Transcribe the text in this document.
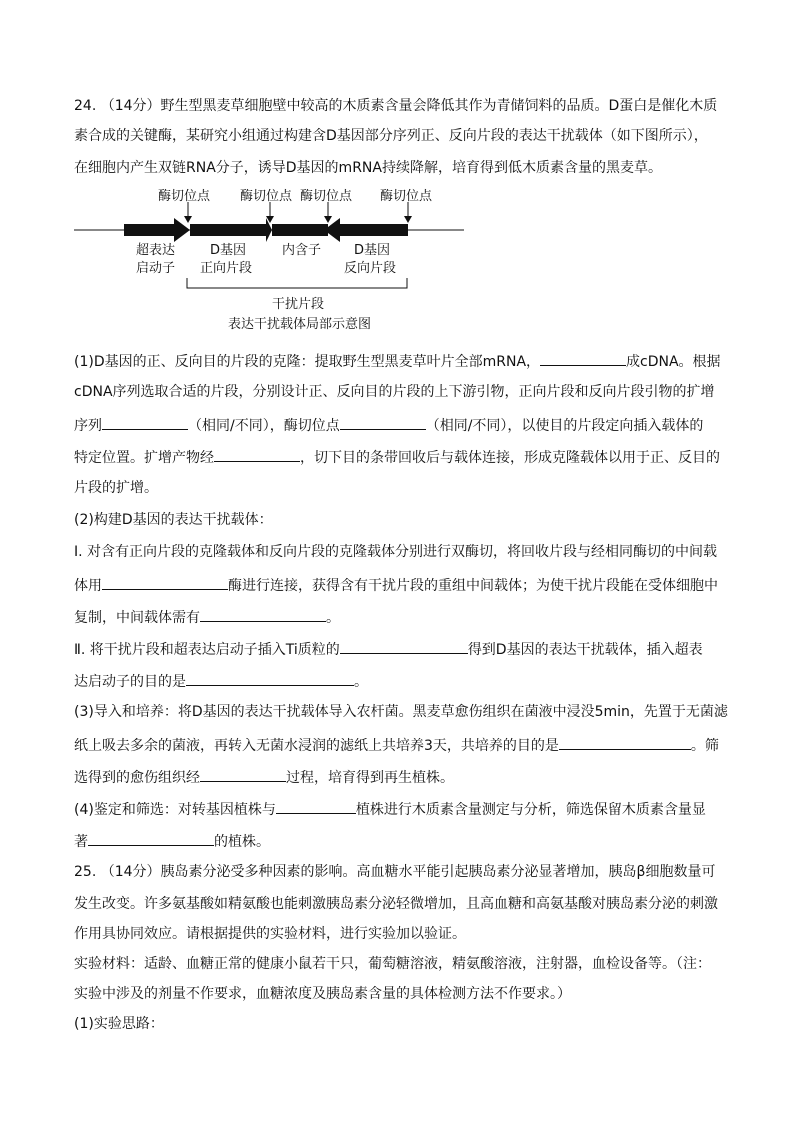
24. （14分）野生型黑麦草细胞壁中较高的木质素含量会降低其作为青储饲料的品质。D蛋白是催化木质
素合成的关键酶，某研究小组通过构建含D基因部分序列正、反向片段的表达干扰载体（如下图所示），
在细胞内产生双链RNA分子，诱导D基因的mRNA持续降解，培育得到低木质素含量的黑麦草。
酶切位点 酶切位点 酶切位点 酶切位点
超表达
启动子
D基因
正向片段
内含子	D基因
反向片段
干扰片段
表达干扰载体局部示意图
(1)D基因的正、反向目的片段的克隆：提取野生型黑麦草叶片全部mRNA，	成cDNA。根据
cDNA序列选取合适的片段，分别设计正、反向目的片段的上下游引物，正向片段和反向片段引物的扩增
序列	（相同/不同），酶切位点	（相同/不同），以使目的片段定向插入载体的
特定位置。扩增产物经	，切下目的条带回收后与载体连接，形成克隆载体以用于正、反目的
片段的扩增。
(2)构建D基因的表达干扰载体：
Ⅰ. 对含有正向片段的克隆载体和反向片段的克隆载体分别进行双酶切，将回收片段与经相同酶切的中间载
体用	酶进行连接，获得含有干扰片段的重组中间载体；为使干扰片段能在受体细胞中
复制，中间载体需有	。
Ⅱ. 将干扰片段和超表达启动子插入Ti质粒的	得到D基因的表达干扰载体，插入超表
达启动子的目的是	。
(3)导入和培养：将D基因的表达干扰载体导入农杆菌。黑麦草愈伤组织在菌液中浸没5min，先置于无菌滤
纸上吸去多余的菌液，再转入无菌水浸润的滤纸上共培养3天，共培养的目的是	。筛
选得到的愈伤组织经	过程，培育得到再生植株。
(4)鉴定和筛选：对转基因植株与	植株进行木质素含量测定与分析，筛选保留木质素含量显
著	的植株。
25. （14分）胰岛素分泌受多种因素的影响。高血糖水平能引起胰岛素分泌显著增加，胰岛β细胞数量可
发生改变。许多氨基酸如精氨酸也能刺激胰岛素分泌轻微增加，且高血糖和高氨基酸对胰岛素分泌的刺激
作用具协同效应。请根据提供的实验材料，进行实验加以验证。
实验材料：适龄、血糖正常的健康小鼠若干只，葡萄糖溶液，精氨酸溶液，注射器，血检设备等。（注：
实验中涉及的剂量不作要求，血糖浓度及胰岛素含量的具体检测方法不作要求。）
(1)实验思路：
